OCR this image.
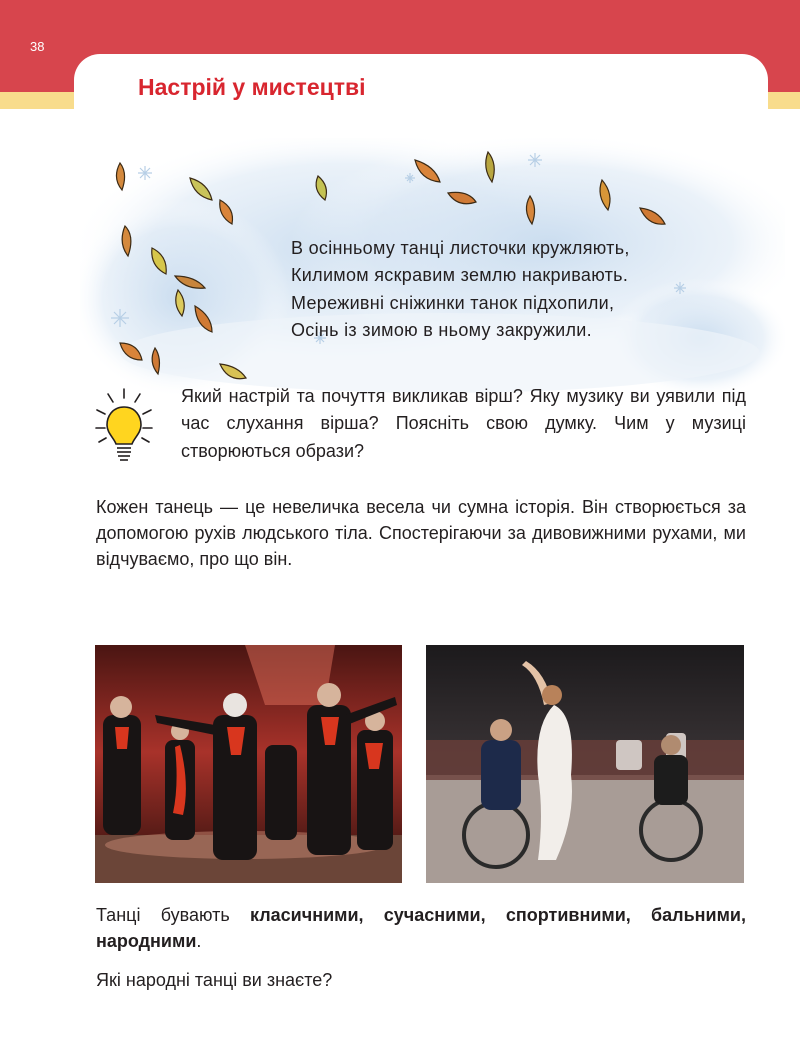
38
Настрій у мистецтві
В осінньому танці листочки кружляють,
Килимом яскравим землю накривають.
Мереживні сніжинки танок підхопили,
Осінь із зимою в ньому закружили.
Який настрій та почуття викликав вірш? Яку музику ви уявили під час слухання вірша? Поясніть свою думку. Чим у музиці створюються образи?
Кожен танець — це невеличка весела чи сумна історія. Він створюється за допомогою рухів людського тіла. Спостерігаючи за дивовижними рухами, ми відчуваємо, про що він.
Танці бувають класичними, сучасними, спортивними, бальними, народними.
Які народні танці ви знаєте?
